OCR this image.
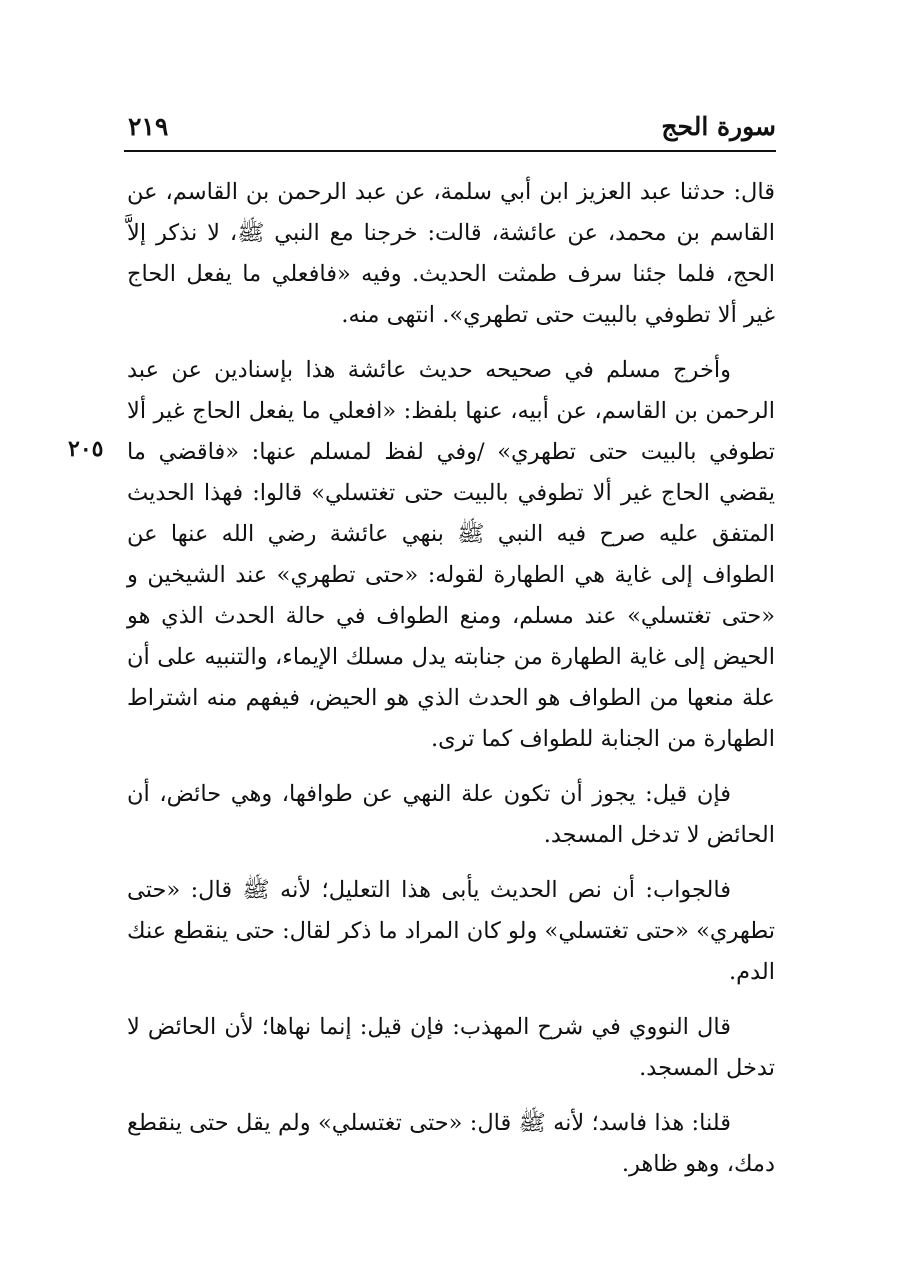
سورة الحج
٢١٩
٢٠٥

قال: حدثنا عبد العزيز ابن أبي سلمة، عن عبد الرحمن بن القاسم، عن القاسم بن محمد، عن عائشة، قالت: خرجنا مع النبي ﷺ، لا نذكر إلاَّ الحج، فلما جئنا سرف طمثت الحديث. وفيه «فافعلي ما يفعل الحاج غير ألا تطوفي بالبيت حتى تطهري». انتهى منه.

وأخرج مسلم في صحيحه حديث عائشة هذا بإسنادين عن عبد الرحمن بن القاسم، عن أبيه، عنها بلفظ: «افعلي ما يفعل الحاج غير ألا تطوفي بالبيت حتى تطهري» /وفي لفظ لمسلم عنها: «فاقضي ما يقضي الحاج غير ألا تطوفي بالبيت حتى تغتسلي» قالوا: فهذا الحديث المتفق عليه صرح فيه النبي ﷺ بنهي عائشة رضي الله عنها عن الطواف إلى غاية هي الطهارة لقوله: «حتى تطهري» عند الشيخين و «حتى تغتسلي» عند مسلم، ومنع الطواف في حالة الحدث الذي هو الحيض إلى غاية الطهارة من جنابته يدل مسلك الإيماء، والتنبيه على أن علة منعها من الطواف هو الحدث الذي هو الحيض، فيفهم منه اشتراط الطهارة من الجنابة للطواف كما ترى.

فإن قيل: يجوز أن تكون علة النهي عن طوافها، وهي حائض، أن الحائض لا تدخل المسجد.

فالجواب: أن نص الحديث يأبى هذا التعليل؛ لأنه ﷺ قال: «حتى تطهري» «حتى تغتسلي» ولو كان المراد ما ذكر لقال: حتى ينقطع عنك الدم.

قال النووي في شرح المهذب: فإن قيل: إنما نهاها؛ لأن الحائض لا تدخل المسجد.

قلنا: هذا فاسد؛ لأنه ﷺ قال: «حتى تغتسلي» ولم يقل حتى ينقطع دمك، وهو ظاهر.
